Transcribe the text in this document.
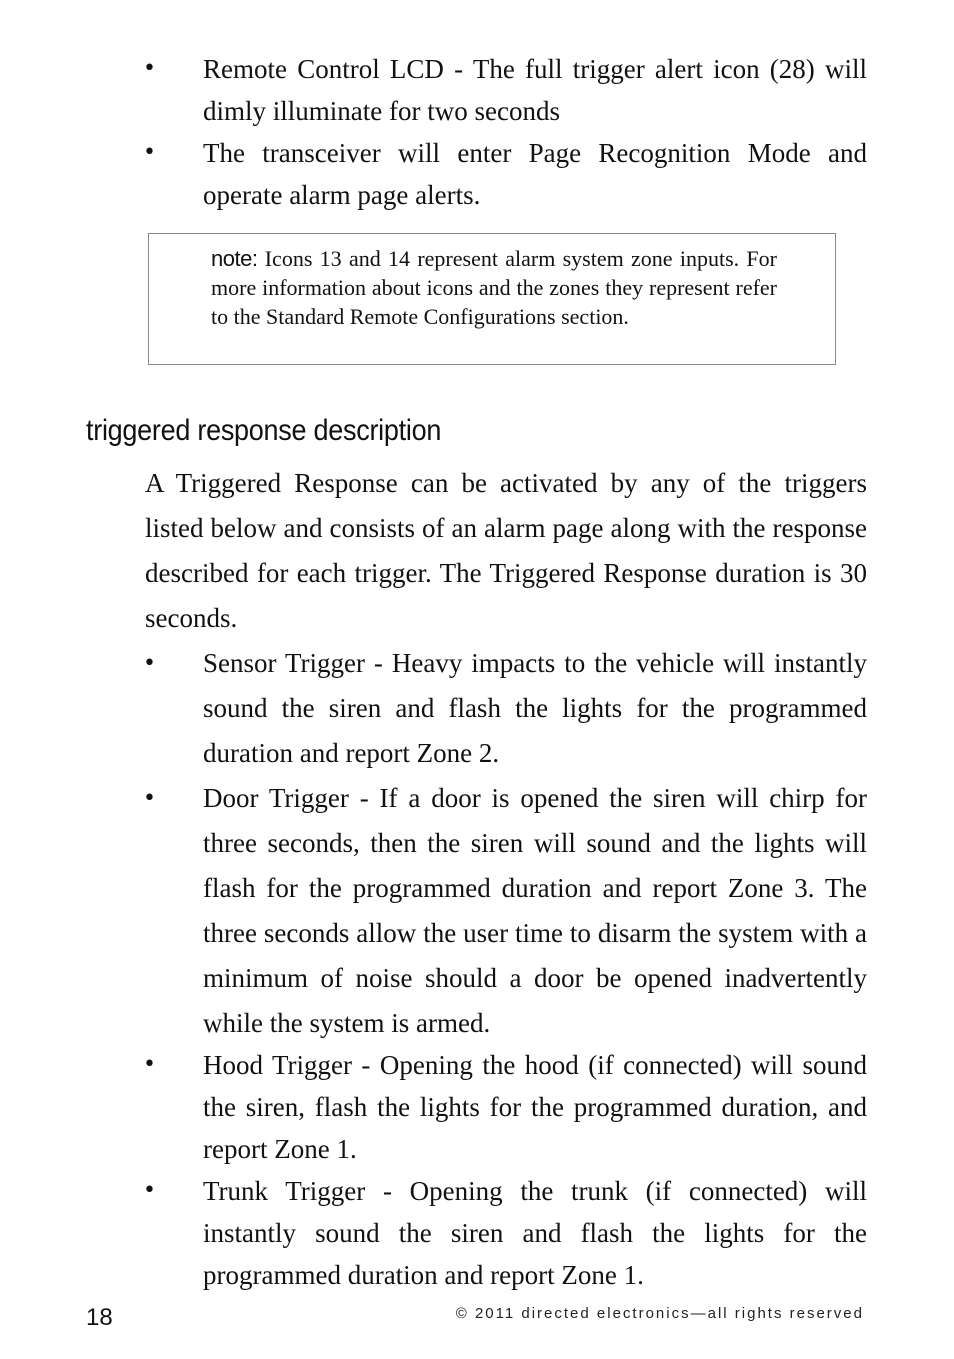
• Remote Control LCD - The full trigger alert icon (28) will dimly illuminate for two seconds
• The transceiver will enter Page Recognition Mode and operate alarm page alerts.
note: Icons 13 and 14 represent alarm system zone inputs. For more information about icons and the zones they represent refer to the Standard Remote Configurations section.
triggered response description

A Triggered Response can be activated by any of the triggers listed below and consists of an alarm page along with the response described for each trigger. The Triggered Response duration is 30 seconds.

• Sensor Trigger - Heavy impacts to the vehicle will instantly sound the siren and flash the lights for the programmed duration and report Zone 2.
• Door Trigger - If a door is opened the siren will chirp for three seconds, then the siren will sound and the lights will flash for the programmed duration and report Zone 3. The three seconds allow the user time to disarm the system with a minimum of noise should a door be opened inadvertently while the system is armed.
• Hood Trigger - Opening the hood (if connected) will sound the siren, flash the lights for the programmed duration, and report Zone 1.
• Trunk Trigger - Opening the trunk (if connected) will instantly sound the siren and flash the lights for the programmed duration and report Zone 1.
18	© 2011 directed electronics—all rights reserved
